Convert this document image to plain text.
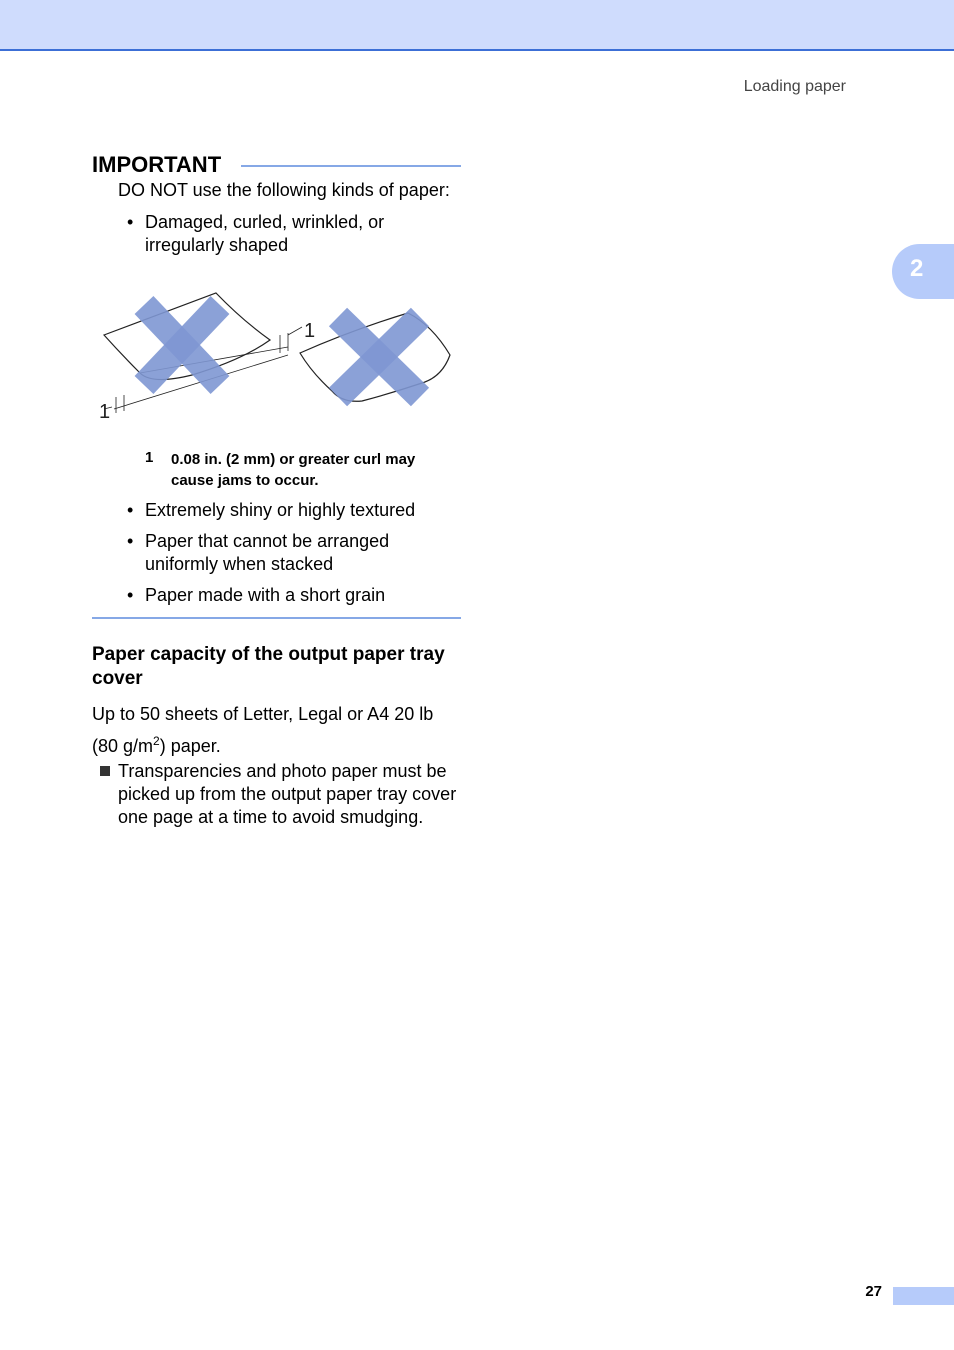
Loading paper
2
IMPORTANT
DO NOT use the following kinds of paper:
• Damaged, curled, wrinkled, or irregularly shaped
1
1
1 0.08 in. (2 mm) or greater curl may cause jams to occur.
• Extremely shiny or highly textured
• Paper that cannot be arranged uniformly when stacked
• Paper made with a short grain
Paper capacity of the output paper tray cover
Up to 50 sheets of Letter, Legal or A4 20 lb (80 $g/m^2$) paper.
Transparencies and photo paper must be picked up from the output paper tray cover one page at a time to avoid smudging.
27
